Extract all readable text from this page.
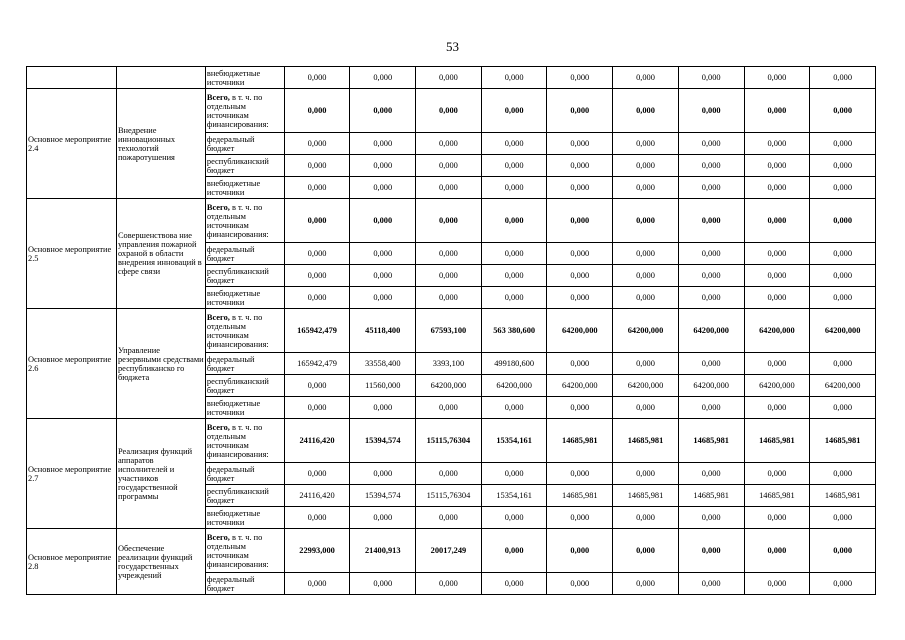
53
		внебюджетные источники	0,000	0,000	0,000	0,000	0,000	0,000	0,000	0,000	0,000
Основное мероприятие 2.4	Внедрение инновационных технологий пожаротушения	Всего, в т. ч. по отдельным источникам финансирования:	0,000	0,000	0,000	0,000	0,000	0,000	0,000	0,000	0,000
		федеральный бюджет	0,000	0,000	0,000	0,000	0,000	0,000	0,000	0,000	0,000
		республиканский бюджет	0,000	0,000	0,000	0,000	0,000	0,000	0,000	0,000	0,000
		внебюджетные источники	0,000	0,000	0,000	0,000	0,000	0,000	0,000	0,000	0,000
Основное мероприятие 2.5	Совершенствова ние управления пожарной охраной в области внедрения инноваций в сфере связи	Всего, в т. ч. по отдельным источникам финансирования:	0,000	0,000	0,000	0,000	0,000	0,000	0,000	0,000	0,000
		федеральный бюджет	0,000	0,000	0,000	0,000	0,000	0,000	0,000	0,000	0,000
		республиканский бюджет	0,000	0,000	0,000	0,000	0,000	0,000	0,000	0,000	0,000
		внебюджетные источники	0,000	0,000	0,000	0,000	0,000	0,000	0,000	0,000	0,000
Основное мероприятие 2.6	Управление резервными средствами республиканско го бюджета	Всего, в т. ч. по отдельным источникам финансирования:	165942,479	45118,400	67593,100	563 380,600	64200,000	64200,000	64200,000	64200,000	64200,000
		федеральный бюджет	165942,479	33558,400	3393,100	499180,600	0,000	0,000	0,000	0,000	0,000
		республиканский бюджет	0,000	11560,000	64200,000	64200,000	64200,000	64200,000	64200,000	64200,000	64200,000
		внебюджетные источники	0,000	0,000	0,000	0,000	0,000	0,000	0,000	0,000	0,000
Основное мероприятие 2.7	Реализация функций аппаратов исполнителей и участников государственной программы	Всего, в т. ч. по отдельным источникам финансирования:	24116,420	15394,574	15115,76304	15354,161	14685,981	14685,981	14685,981	14685,981	14685,981
		федеральный бюджет	0,000	0,000	0,000	0,000	0,000	0,000	0,000	0,000	0,000
		республиканский бюджет	24116,420	15394,574	15115,76304	15354,161	14685,981	14685,981	14685,981	14685,981	14685,981
		внебюджетные источники	0,000	0,000	0,000	0,000	0,000	0,000	0,000	0,000	0,000
Основное мероприятие 2.8	Обеспечение реализации функций государственных учреждений	Всего, в т. ч. по отдельным источникам финансирования:	22993,000	21400,913	20017,249	0,000	0,000	0,000	0,000	0,000	0,000
		федеральный бюджет	0,000	0,000	0,000	0,000	0,000	0,000	0,000	0,000	0,000
